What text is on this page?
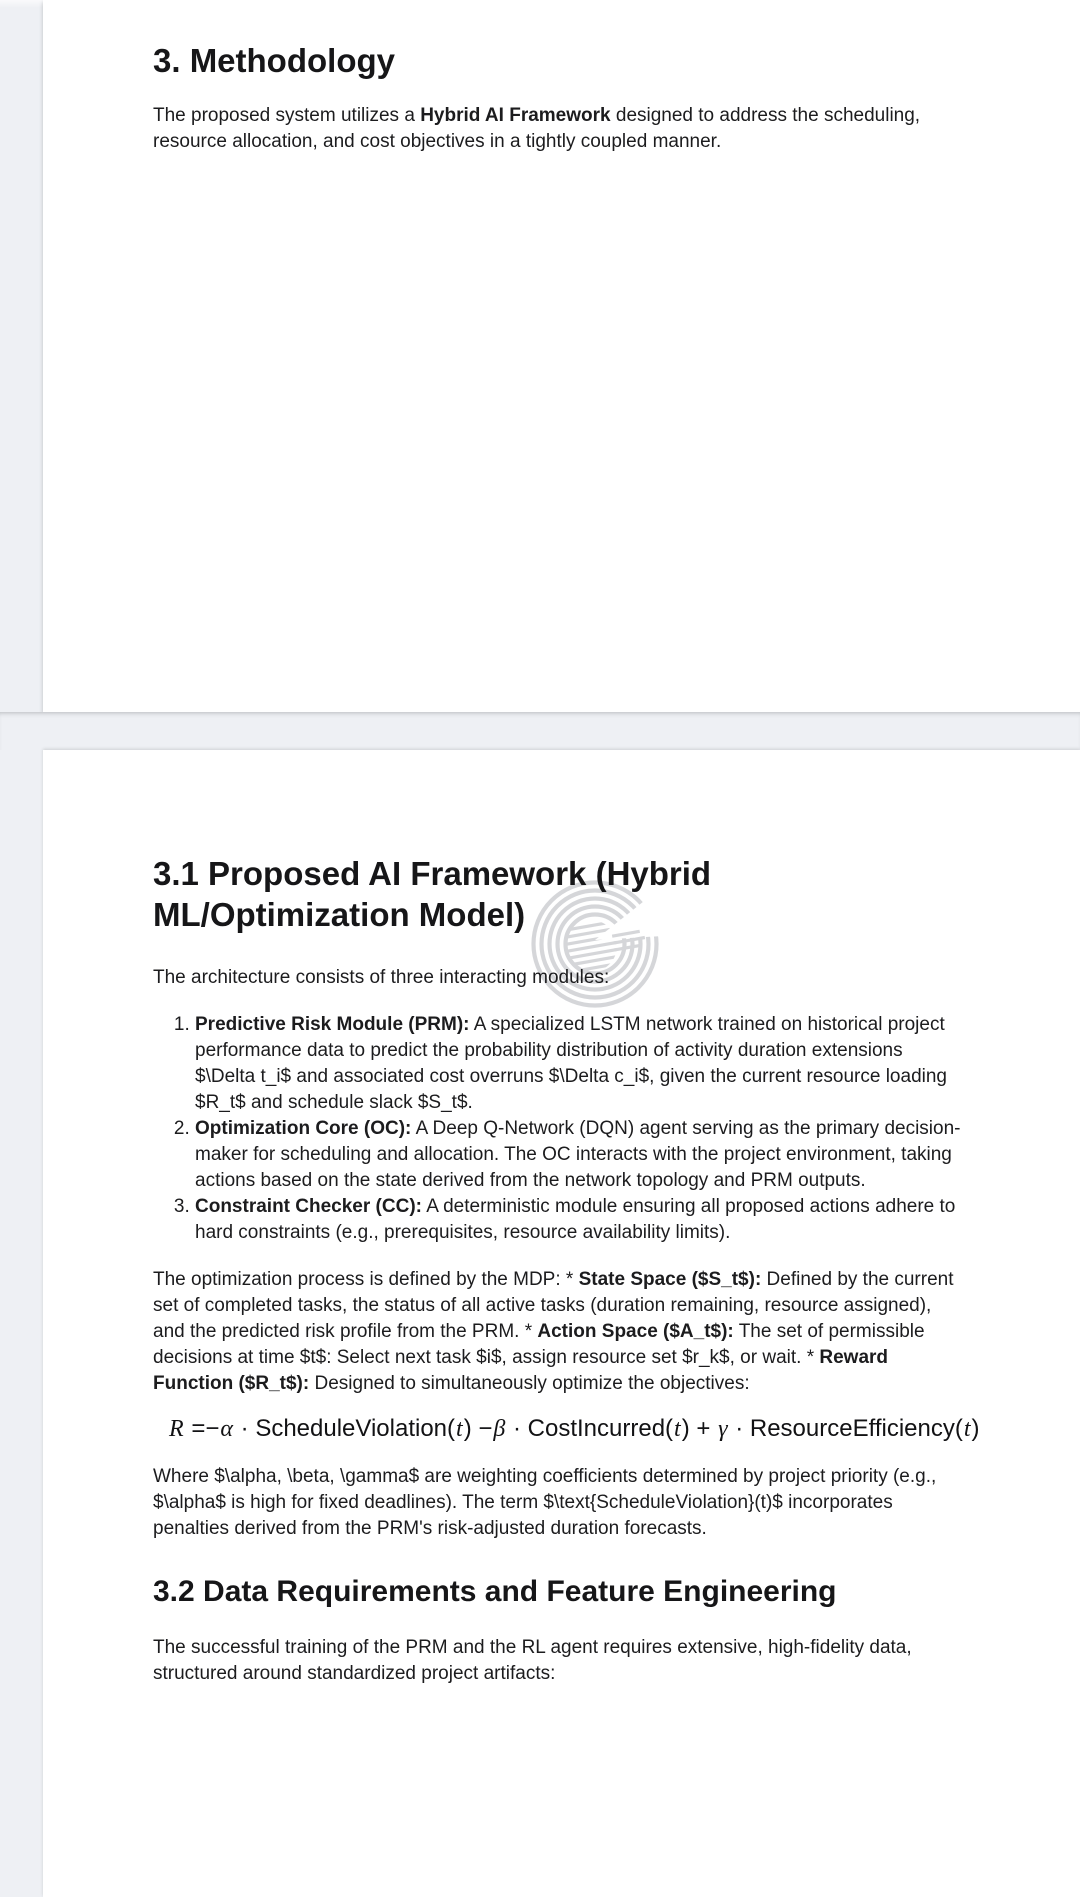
3. Methodology

The proposed system utilizes a Hybrid AI Framework designed to address the scheduling, resource allocation, and cost objectives in a tightly coupled manner.

3.1 Proposed AI Framework (Hybrid ML/Optimization Model)

The architecture consists of three interacting modules:

1. Predictive Risk Module (PRM): A specialized LSTM network trained on historical project performance data to predict the probability distribution of activity duration extensions $\Delta t_i$ and associated cost overruns $\Delta c_i$, given the current resource loading $R_t$ and schedule slack $S_t$.
2. Optimization Core (OC): A Deep Q-Network (DQN) agent serving as the primary decision-maker for scheduling and allocation. The OC interacts with the project environment, taking actions based on the state derived from the network topology and PRM outputs.
3. Constraint Checker (CC): A deterministic module ensuring all proposed actions adhere to hard constraints (e.g., prerequisites, resource availability limits).

The optimization process is defined by the MDP: * State Space ($S_t$): Defined by the current set of completed tasks, the status of all active tasks (duration remaining, resource assigned), and the predicted risk profile from the PRM. * Action Space ($A_t$): The set of permissible decisions at time $t$: Select next task $i$, assign resource set $r_k$, or wait. * Reward Function ($R_t$): Designed to simultaneously optimize the objectives:

R =−α · ScheduleViolation(t) −β · CostIncurred(t) + γ · ResourceEfficiency(t)

Where $\alpha, \beta, \gamma$ are weighting coefficients determined by project priority (e.g., $\alpha$ is high for fixed deadlines). The term $\text{ScheduleViolation}(t)$ incorporates penalties derived from the PRM's risk-adjusted duration forecasts.

3.2 Data Requirements and Feature Engineering

The successful training of the PRM and the RL agent requires extensive, high-fidelity data, structured around standardized project artifacts:
